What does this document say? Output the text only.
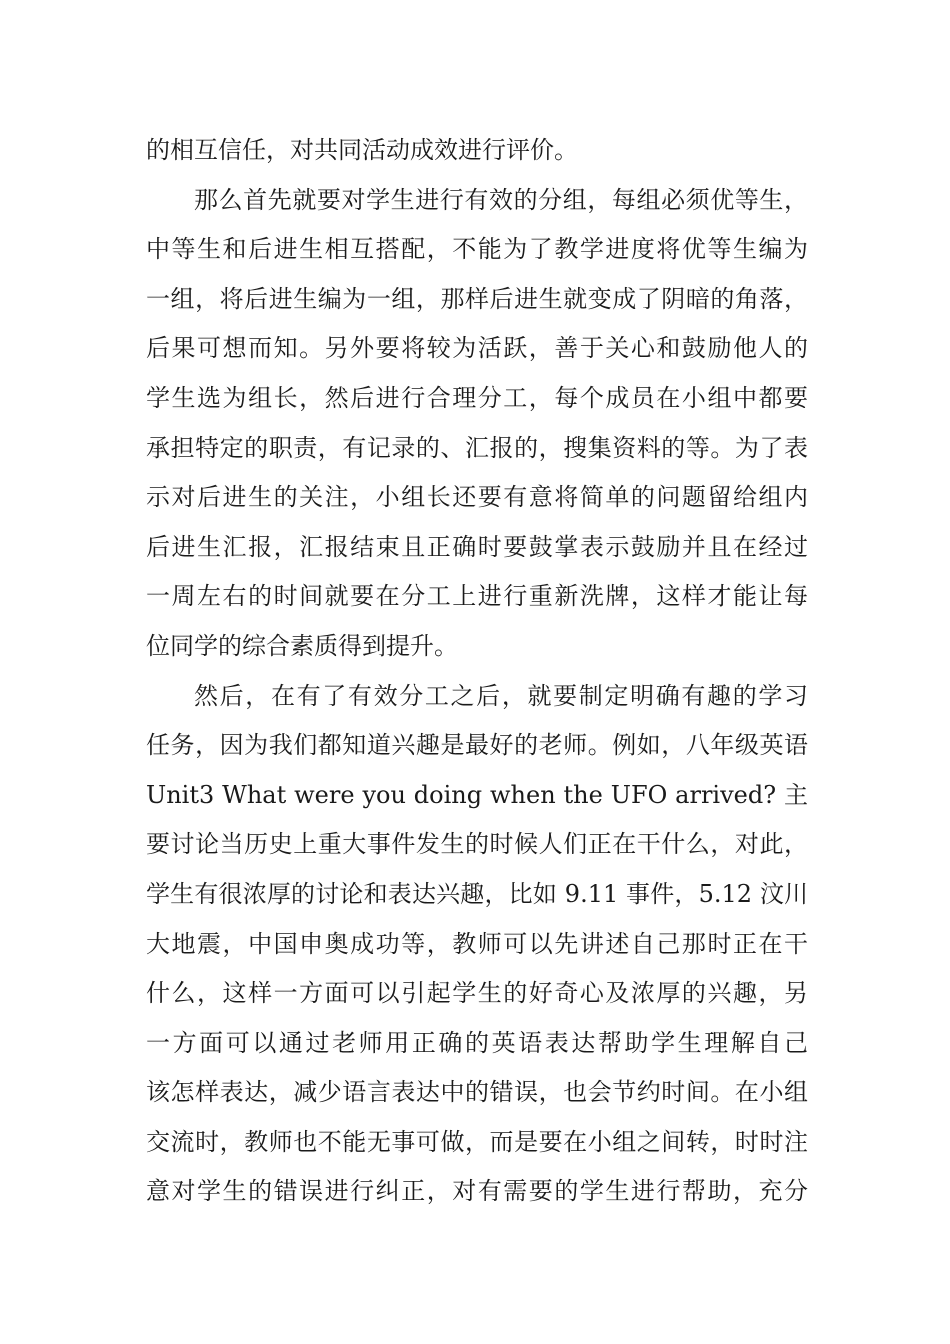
的相互信任，对共同活动成效进行评价。
那么首先就要对学生进行有效的分组，每组必须优等生，
中等生和后进生相互搭配，不能为了教学进度将优等生编为
一组，将后进生编为一组，那样后进生就变成了阴暗的角落，
后果可想而知。另外要将较为活跃，善于关心和鼓励他人的
学生选为组长，然后进行合理分工，每个成员在小组中都要
承担特定的职责，有记录的、汇报的，搜集资料的等。为了表
示对后进生的关注，小组长还要有意将简单的问题留给组内
后进生汇报，汇报结束且正确时要鼓掌表示鼓励并且在经过
一周左右的时间就要在分工上进行重新洗牌，这样才能让每
位同学的综合素质得到提升。
然后，在有了有效分工之后，就要制定明确有趣的学习
任务，因为我们都知道兴趣是最好的老师。例如，八年级英语
Unit3 What were you doing when the UFO arrived? 主
要讨论当历史上重大事件发生的时候人们正在干什么，对此，
学生有很浓厚的讨论和表达兴趣，比如 9.11 事件，5.12 汶川
大地震，中国申奥成功等，教师可以先讲述自己那时正在干
什么，这样一方面可以引起学生的好奇心及浓厚的兴趣，另
一方面可以通过老师用正确的英语表达帮助学生理解自己
该怎样表达，减少语言表达中的错误，也会节约时间。在小组
交流时，教师也不能无事可做，而是要在小组之间转，时时注
意对学生的错误进行纠正，对有需要的学生进行帮助，充分
